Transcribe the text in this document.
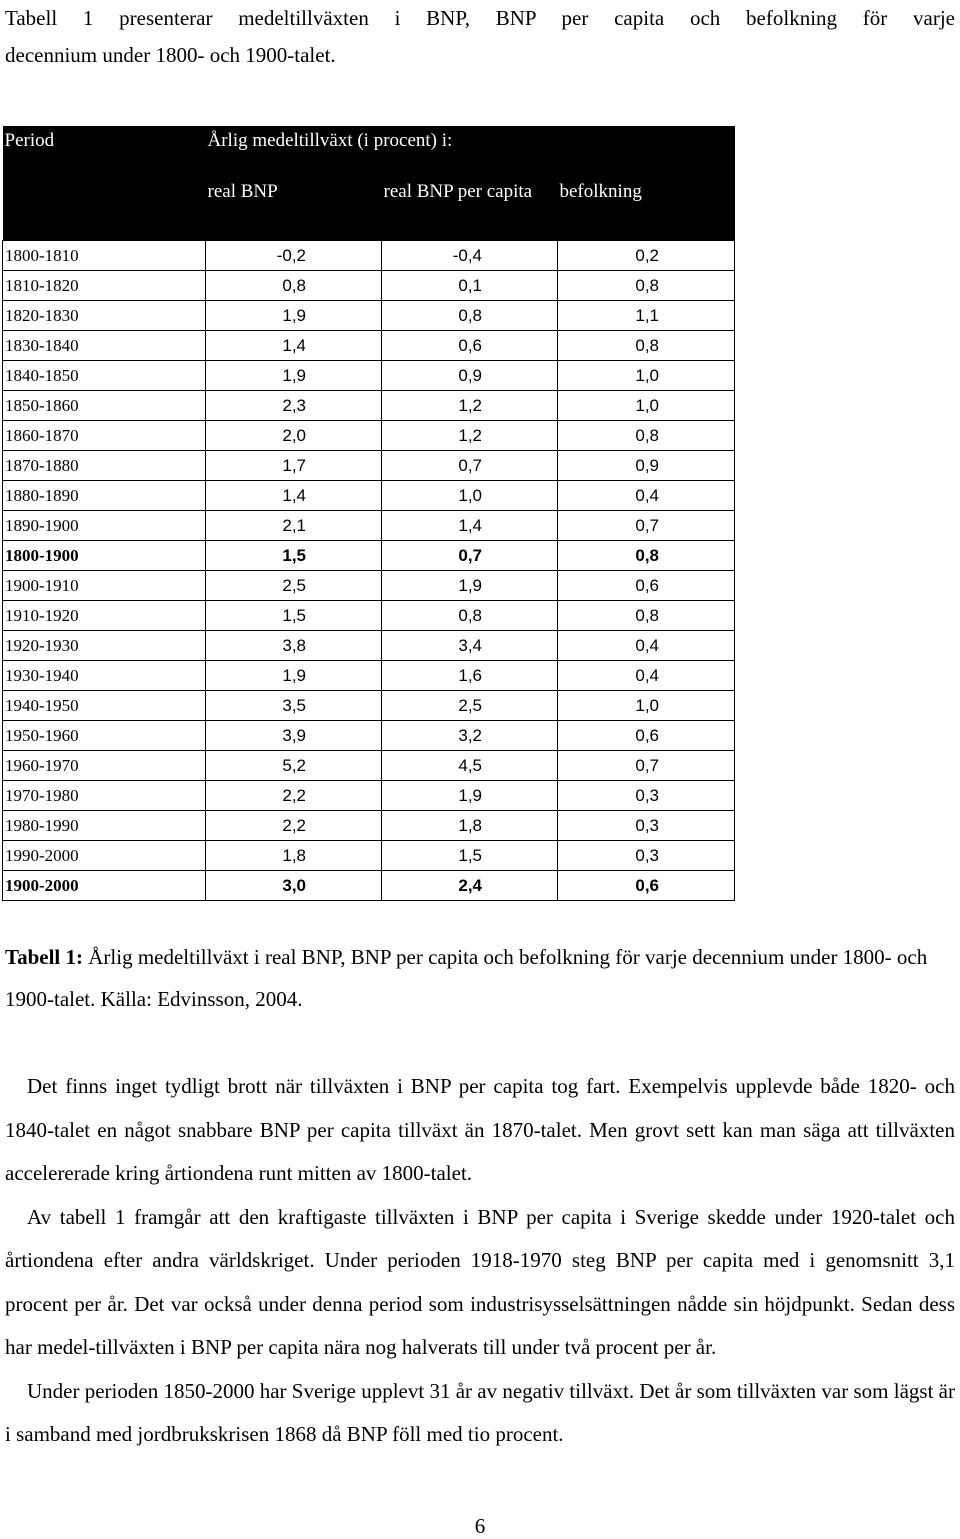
Tabell 1 presenterar medeltillväxten i BNP, BNP per capita och befolkning för varje
decennium under 1800- och 1900-talet.
Period	Årlig medeltillväxt (i procent) i:		
	real BNP	real BNP per capita	befolkning
1800-1810	-0,2	-0,4	0,2
1810-1820	0,8	0,1	0,8
1820-1830	1,9	0,8	1,1
1830-1840	1,4	0,6	0,8
1840-1850	1,9	0,9	1,0
1850-1860	2,3	1,2	1,0
1860-1870	2,0	1,2	0,8
1870-1880	1,7	0,7	0,9
1880-1890	1,4	1,0	0,4
1890-1900	2,1	1,4	0,7
1800-1900	1,5	0,7	0,8
1900-1910	2,5	1,9	0,6
1910-1920	1,5	0,8	0,8
1920-1930	3,8	3,4	0,4
1930-1940	1,9	1,6	0,4
1940-1950	3,5	2,5	1,0
1950-1960	3,9	3,2	0,6
1960-1970	5,2	4,5	0,7
1970-1980	2,2	1,9	0,3
1980-1990	2,2	1,8	0,3
1990-2000	1,8	1,5	0,3
1900-2000	3,0	2,4	0,6

Tabell 1: Årlig medeltillväxt i real BNP, BNP per capita och befolkning för varje decennium under 1800- och 1900-talet. Källa: Edvinsson, 2004.

Det finns inget tydligt brott när tillväxten i BNP per capita tog fart. Exempelvis upplevde både 1820- och 1840-talet en något snabbare BNP per capita tillväxt än 1870-talet. Men grovt sett kan man säga att tillväxten accelererade kring årtiondena runt mitten av 1800-talet.

Av tabell 1 framgår att den kraftigaste tillväxten i BNP per capita i Sverige skedde under 1920-talet och årtiondena efter andra världskriget. Under perioden 1918-1970 steg BNP per capita med i genomsnitt 3,1 procent per år. Det var också under denna period som industrisysselsättningen nådde sin höjdpunkt. Sedan dess har medel-tillväxten i BNP per capita nära nog halverats till under två procent per år.

Under perioden 1850-2000 har Sverige upplevt 31 år av negativ tillväxt. Det år som tillväxten var som lägst är i samband med jordbrukskrisen 1868 då BNP föll med tio procent.

6
